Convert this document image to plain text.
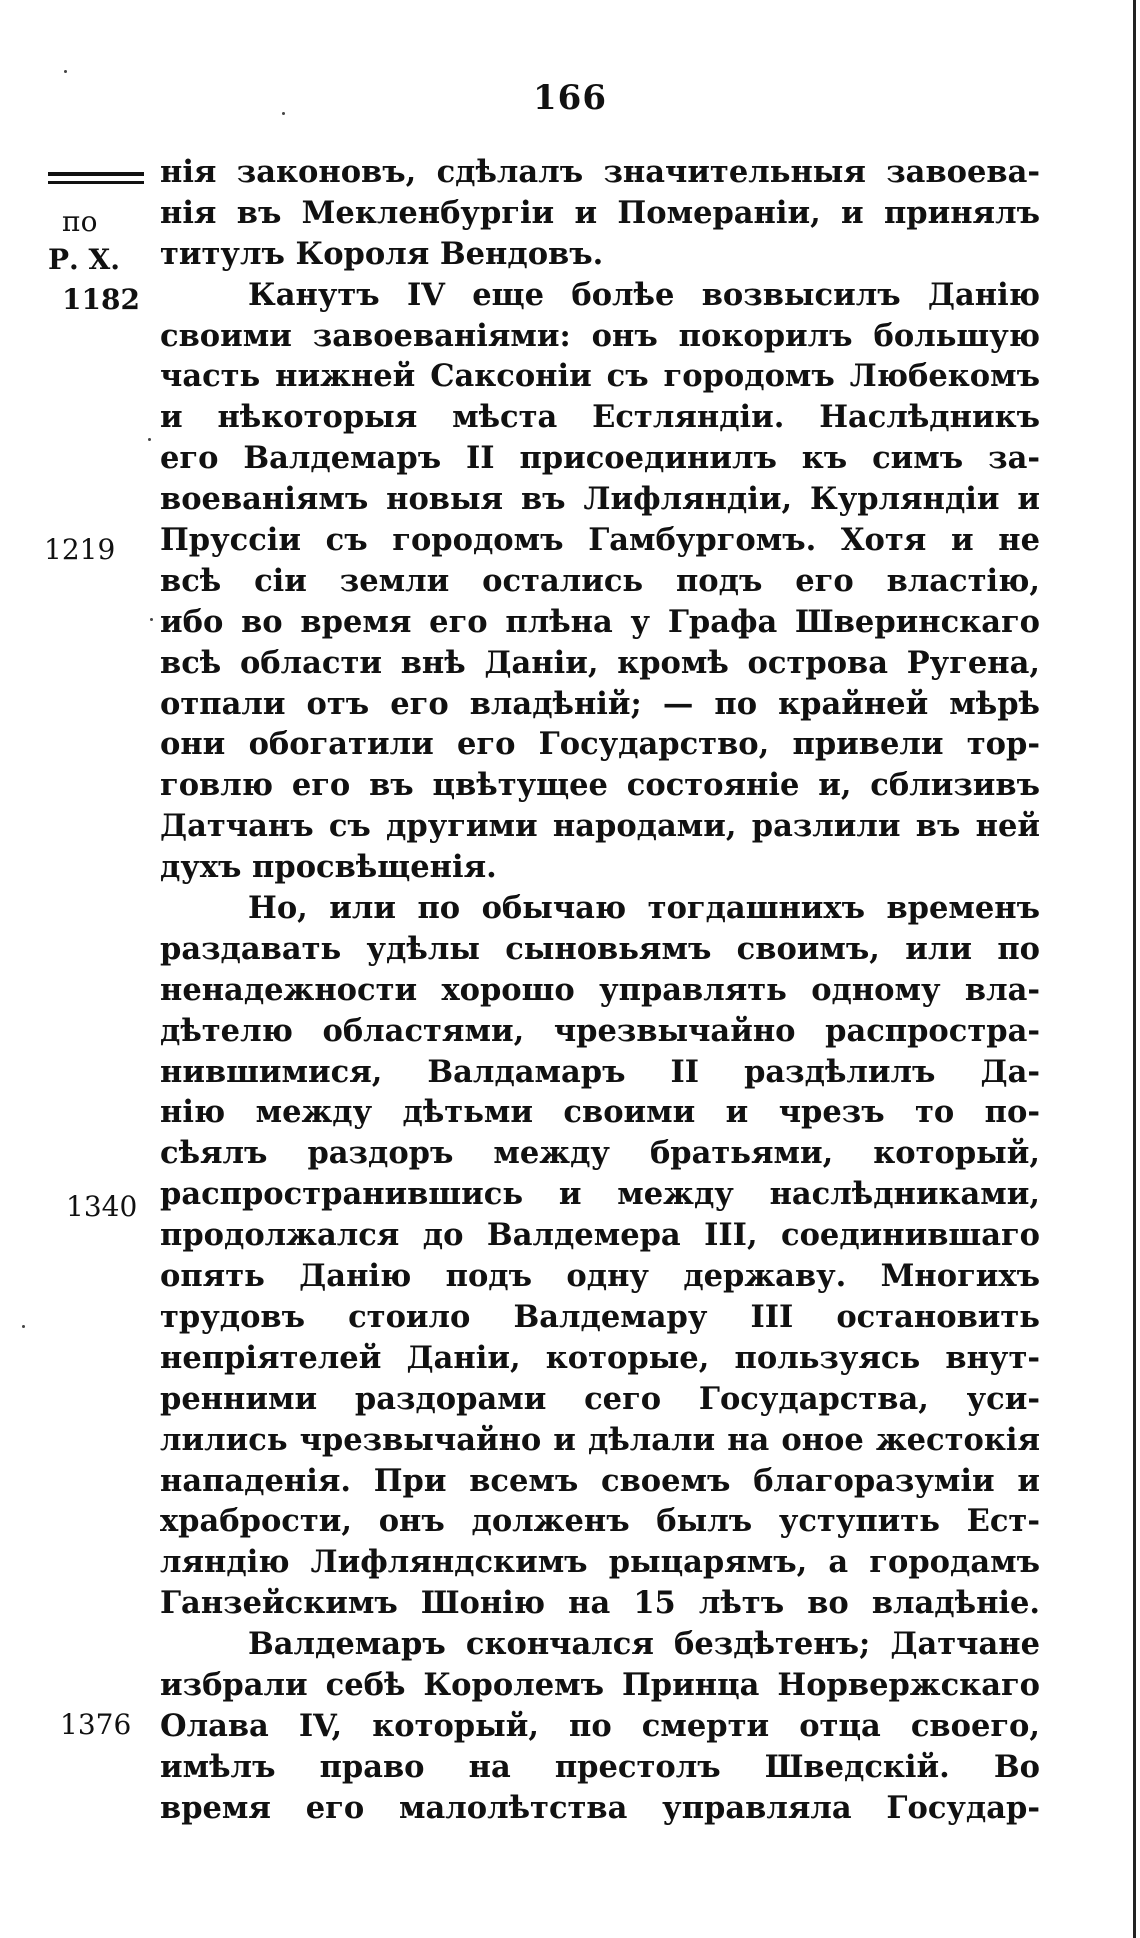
166
по
Р. Х.
1182
1219
1340
1376
нія законовъ, сдѣлалъ значительныя завоева-
нія въ Мекленбургіи и Помераніи, и принялъ
титулъ Короля Вендовъ.
Канутъ IV еще болѣе возвысилъ Данію
своими завоеваніями: онъ покорилъ большую
часть нижней Саксоніи съ городомъ Любекомъ
и нѣкоторыя мѣста Естляндіи. Наслѣдникъ
его Валдемаръ II присоединилъ къ симъ за-
воеваніямъ новыя въ Лифляндіи, Курляндіи и
Пруссіи съ городомъ Гамбургомъ. Хотя и не
всѣ сіи земли остались подъ его властію,
ибо во время его плѣна у Графа Шверинскаго
всѣ области внѣ Даніи, кромѣ острова Ругена,
отпали отъ его владѣній; — по крайней мѣрѣ
они обогатили его Государство, привели тор-
говлю его въ цвѣтущее состояніе и, сблизивъ
Датчанъ съ другими народами, разлили въ ней
духъ просвѣщенія.
Но, или по обычаю тогдашнихъ временъ
раздавать удѣлы сыновьямъ своимъ, или по
ненадежности хорошо управлять одному вла-
дѣтелю областями, чрезвычайно распростра-
нившимися, Валдамаръ II раздѣлилъ Да-
нію между дѣтьми своими и чрезъ то по-
сѣялъ раздоръ между братьями, который,
распространившись и между наслѣдниками,
продолжался до Валдемера III, соединившаго
опять Данію подъ одну державу. Многихъ
трудовъ стоило Валдемару III остановить
непріятелей Даніи, которые, пользуясь внут-
ренними раздорами сего Государства, уси-
лились чрезвычайно и дѣлали на оное жестокія
нападенія. При всемъ своемъ благоразуміи и
храбрости, онъ долженъ былъ уступить Ест-
ляндію Лифляндскимъ рыцарямъ, а городамъ
Ганзейскимъ Шонію на 15 лѣтъ во владѣніе.
Валдемаръ скончался бездѣтенъ; Датчане
избрали себѣ Королемъ Принца Норвержскаго
Олава IV, который, по смерти отца своего,
имѣлъ право на престолъ Шведскій. Во
время его малолѣтства управляла Государ-
